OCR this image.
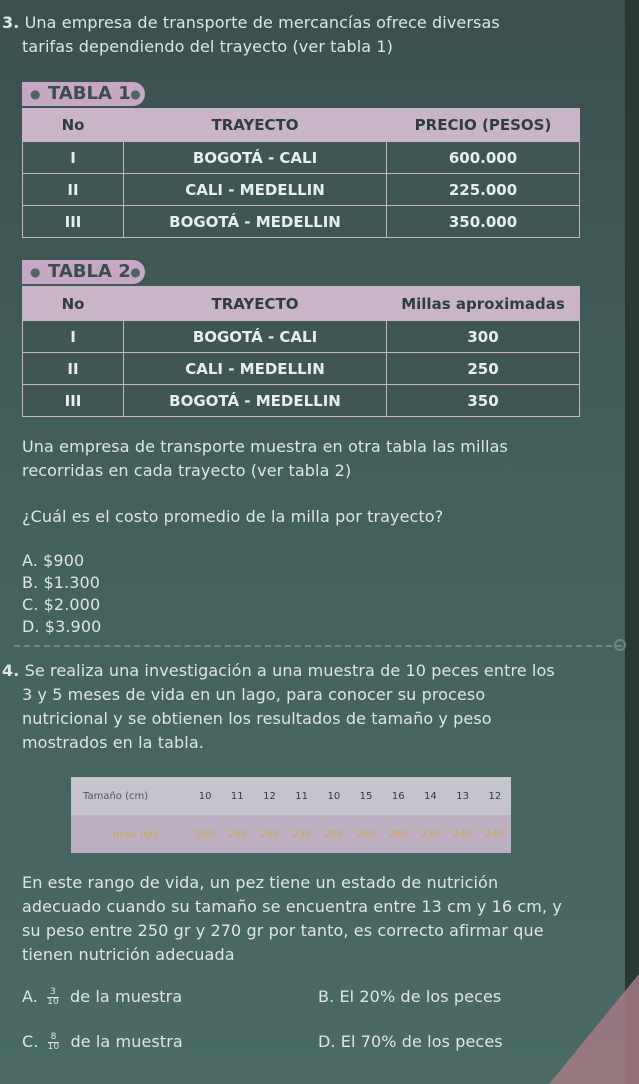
3. Una empresa de transporte de mercancías ofrece diversas
tarifas dependiendo del trayecto (ver tabla 1)
● TABLA 1 ●
No	TRAYECTO	PRECIO (PESOS)
I	BOGOTÁ - CALI	600.000
II	CALI - MEDELLIN	225.000
III	BOGOTÁ - MEDELLIN	350.000
● TABLA 2 ●
No	TRAYECTO	Millas aproximadas
I	BOGOTÁ - CALI	300
II	CALI - MEDELLIN	250
III	BOGOTÁ - MEDELLIN	350
Una empresa de transporte muestra en otra tabla las millas
recorridas en cada trayecto (ver tabla 2)
¿Cuál es el costo promedio de la milla por trayecto?
A. $900
B. $1.300
C. $2.000
D. $3.900
4. Se realiza una investigación a una muestra de 10 peces entre los
3 y 5 meses de vida en un lago, para conocer su proceso
nutricional y se obtienen los resultados de tamaño y peso
mostrados en la tabla.
Tamaño (cm)	10	11	12	11	10	15	16	14	13	12
peso (gr)	250	240	260	230	220	260	280	230	240	240
En este rango de vida, un pez tiene un estado de nutrición
adecuado cuando su tamaño se encuentra entre 13 cm y 16 cm, y
su peso entre 250 gr y 270 gr por tanto, es correcto afirmar que
tienen nutrición adecuada
A. $\frac{3}{10}$ de la muestra	B. El 20% de los peces
C. $\frac{8}{10}$ de la muestra	D. El 70% de los peces
